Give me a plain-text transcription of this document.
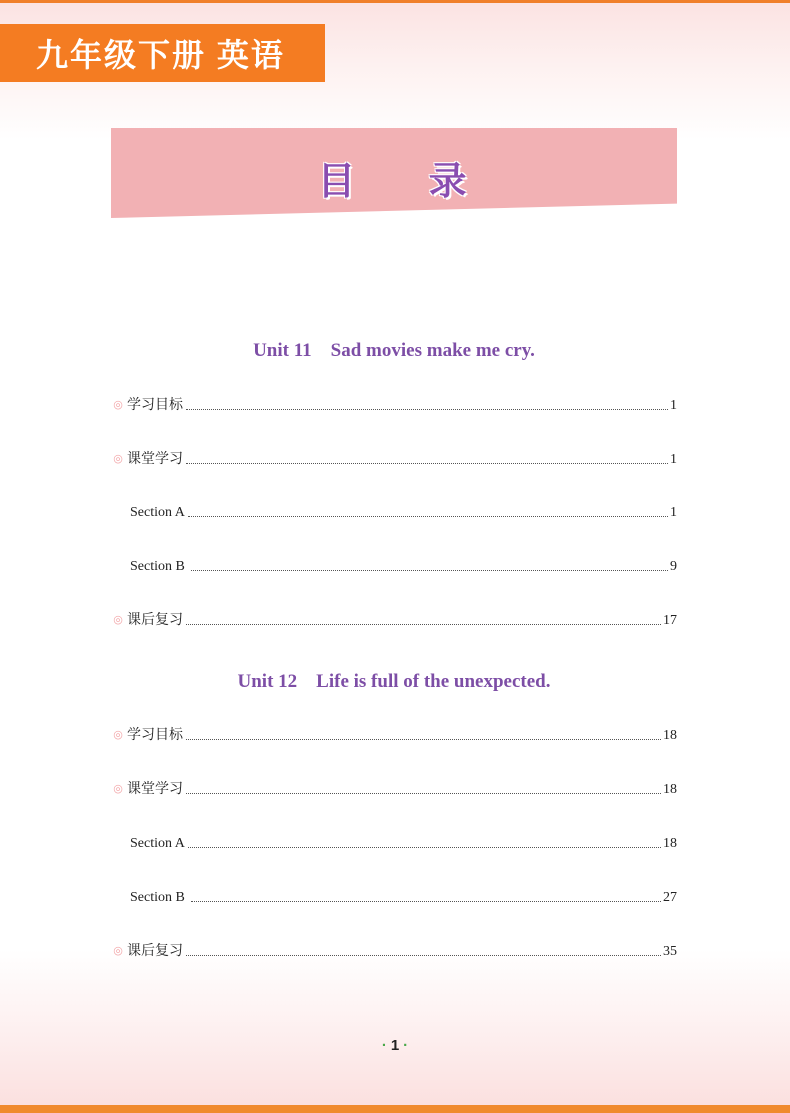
九年级下册 英语
目 录
Unit 11    Sad movies make me cry.
◎ 学习目标	1
◎ 课堂学习	1
Section A	1
Section B	9
◎ 课后复习	17
Unit 12    Life is full of the unexpected.
◎ 学习目标	18
◎ 课堂学习	18
Section A	18
Section B	27
◎ 课后复习	35
· 1 ·
